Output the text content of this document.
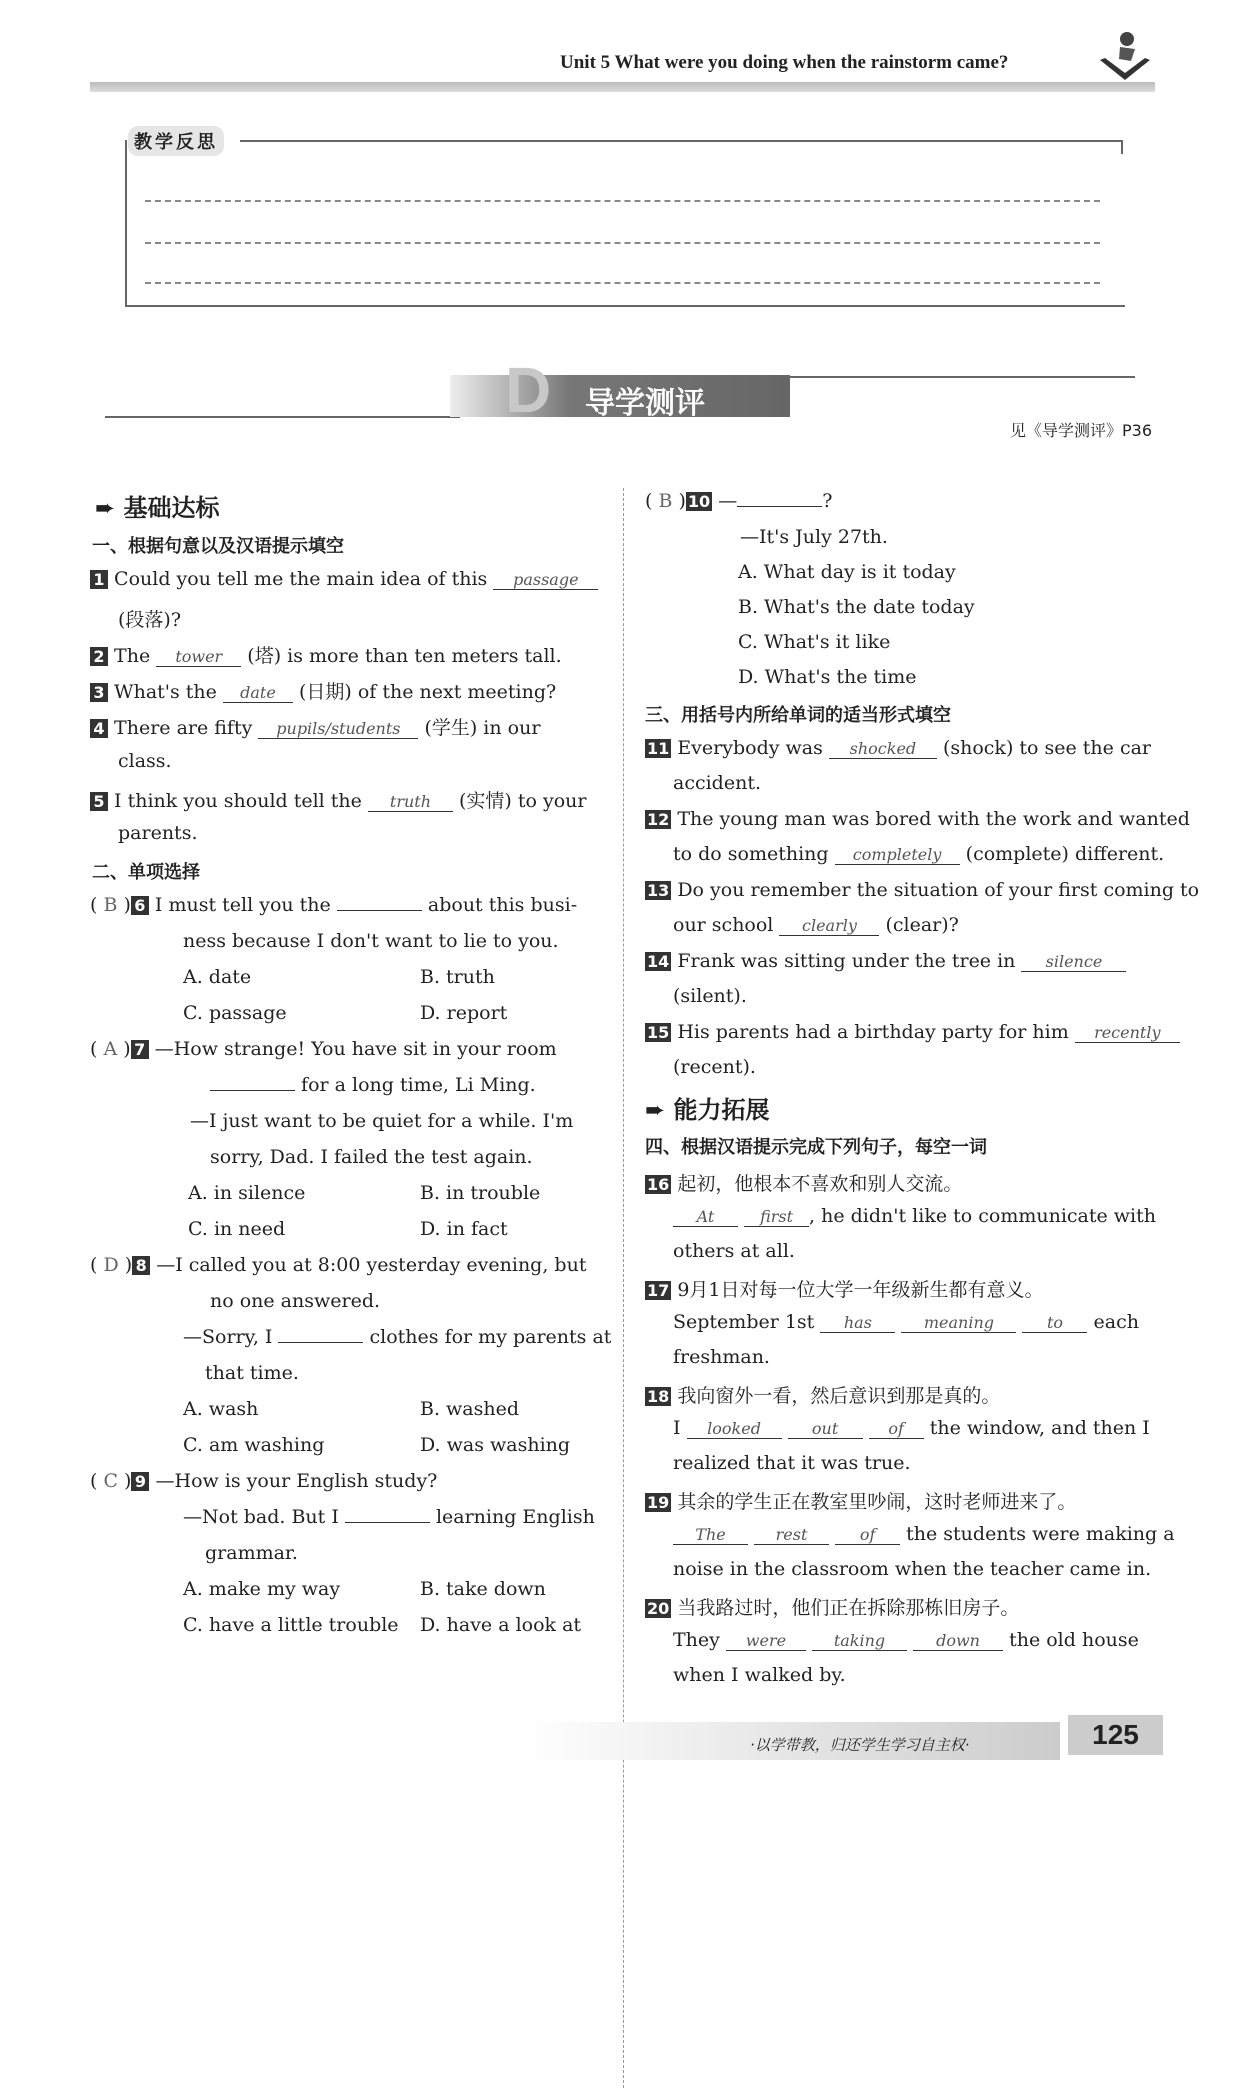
Unit 5 What were you doing when the rainstorm came?
教学反思
D 导学测评
见《导学测评》P36
➨ 基础达标
一、根据句意以及汉语提示填空
1 Could you tell me the main idea of this passage
(段落)?
2 The tower (塔) is more than ten meters tall.
3 What's the date (日期) of the next meeting?
4 There are fifty pupils/students (学生) in our
class.
5 I think you should tell the truth (实情) to your
parents.
二、单项选择
( B ) 6 I must tell you the	about this busi-
ness because I don't want to lie to you.
A. date	B. truth
C. passage	D. report
( A ) 7 —How strange! You have sit in your room
for a long time, Li Ming.
—I just want to be quiet for a while. I'm
sorry, Dad. I failed the test again.
A. in silence	B. in trouble
C. in need	D. in fact
( D ) 8 —I called you at 8:00 yesterday evening, but
no one answered.
—Sorry, I	clothes for my parents at
that time.
A. wash	B. washed
C. am washing	D. was washing
( C ) 9 —How is your English study?
—Not bad. But I	learning English
grammar.
A. make my way	B. take down
C. have a little trouble D. have a look at
( B ) 10 —	?
—It's July 27th.
A. What day is it today
B. What's the date today
C. What's it like
D. What's the time
三、用括号内所给单词的适当形式填空
11 Everybody was shocked (shock) to see the car
accident.
12 The young man was bored with the work and wanted
to do something completely (complete) different.
13 Do you remember the situation of your first coming to
our school clearly (clear)?
14 Frank was sitting under the tree in silence
(silent).
15 His parents had a birthday party for him recently
(recent).
➨ 能力拓展
四、根据汉语提示完成下列句子，每空一词
16 起初，他根本不喜欢和别人交流。
At	first , he didn't like to communicate with
others at all.
17 9月1日对每一位大学一年级新生都有意义。
September 1st has	meaning	to each
freshman.
18 我向窗外一看，然后意识到那是真的。
I looked	out	of the window, and then I
realized that it was true.
19 其余的学生正在教室里吵闹，这时老师进来了。
The	rest	of the students were making a
noise in the classroom when the teacher came in.
20 当我路过时，他们正在拆除那栋旧房子。
They were	taking	down the old house
when I walked by.
·以学带教，归还学生学习自主权·	125
